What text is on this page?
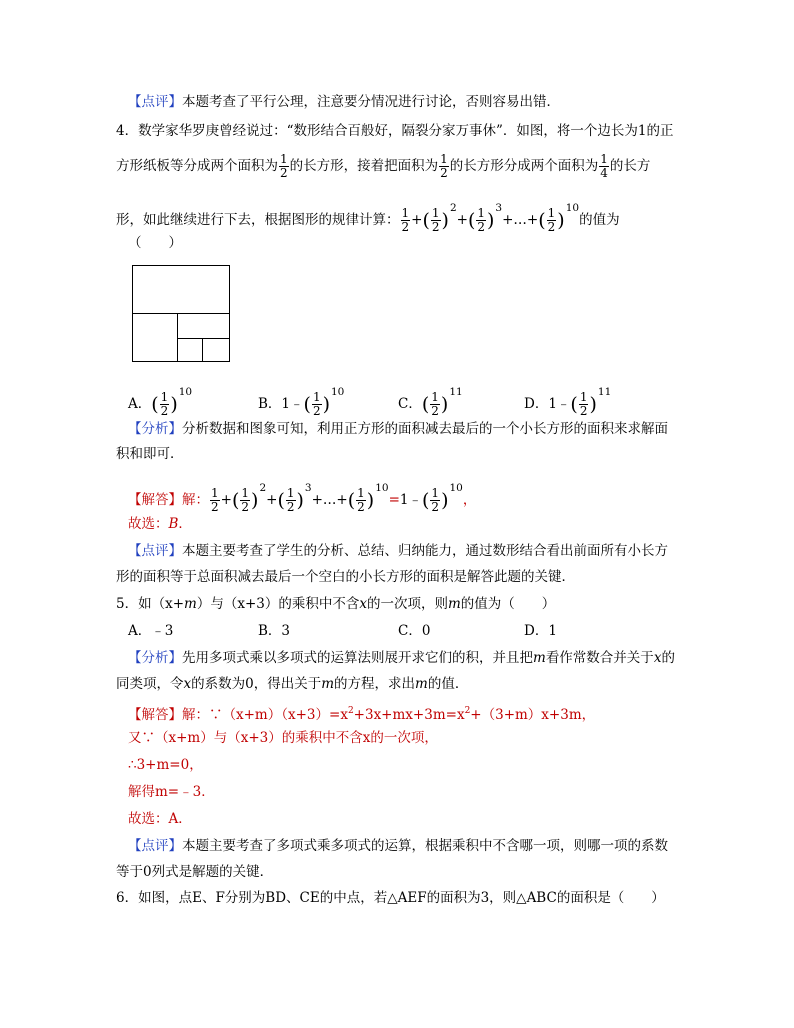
【点评】本题考查了平行公理，注意要分情况进行讨论，否则容易出错．
4．数学家华罗庚曾经说过：“数形结合百般好，隔裂分家万事休”．如图，将一个边长为1的正
方形纸板等分成两个面积为 $\frac{1}{2}$ 的长方形，接着把面积为 $\frac{1}{2}$ 的长方形分成两个面积为 $\frac{1}{4}$ 的长方
形，如此继续进行下去，根据图形的规律计算： $\frac{1}{2}$ +( $\frac{1}{2} )^2+( \frac{1}{2}$ )$^3+\dots+( \frac{1}{2} )^{10}$的值为
（　　）
A．( $\frac{1}{2} )^{10}$
B．1﹣( $\frac{1}{2} )^{10}$
C．( $\frac{1}{2} )^{11}$
D．1﹣( $\frac{1}{2} )^{11}$
【分析】分析数据和图象可知，利用正方形的面积减去最后的一个小长方形的面积来求解面
积和即可．
【解答】解： $\frac{1}{2}$ +( $\frac{1}{2} )^2+( \frac{1}{2}$ )$^3+\dots+( \frac{1}{2}$ )$^{10}$=1﹣( $\frac{1}{2} )^{10}$，
故选：B．
【点评】本题主要考查了学生的分析、总结、归纳能力，通过数形结合看出前面所有小长方
形的面积等于总面积减去最后一个空白的小长方形的面积是解答此题的关键．
5．如（x+m）与（x+3）的乘积中不含x的一次项，则m的值为（　　）
A．﹣3	B．3	C．0	D．1
【分析】先用多项式乘以多项式的运算法则展开求它们的积，并且把m看作常数合并关于x的
同类项，令x的系数为0，得出关于m的方程，求出m的值．
【解答】解：$\because(x+m)(x+3)=x^2+3x+mx+3m=x^2+(3+m)x+3m$，
又∵（x+m）与（x+3）的乘积中不含x的一次项，
∴3+m=0，
解得m=﹣3．
故选：A．
【点评】本题主要考查了多项式乘多项式的运算，根据乘积中不含哪一项，则哪一项的系数
等于0列式是解题的关键．
6．如图，点E、F分别为BD、CE的中点，若△AEF的面积为3，则△ABC的面积是（　　）
